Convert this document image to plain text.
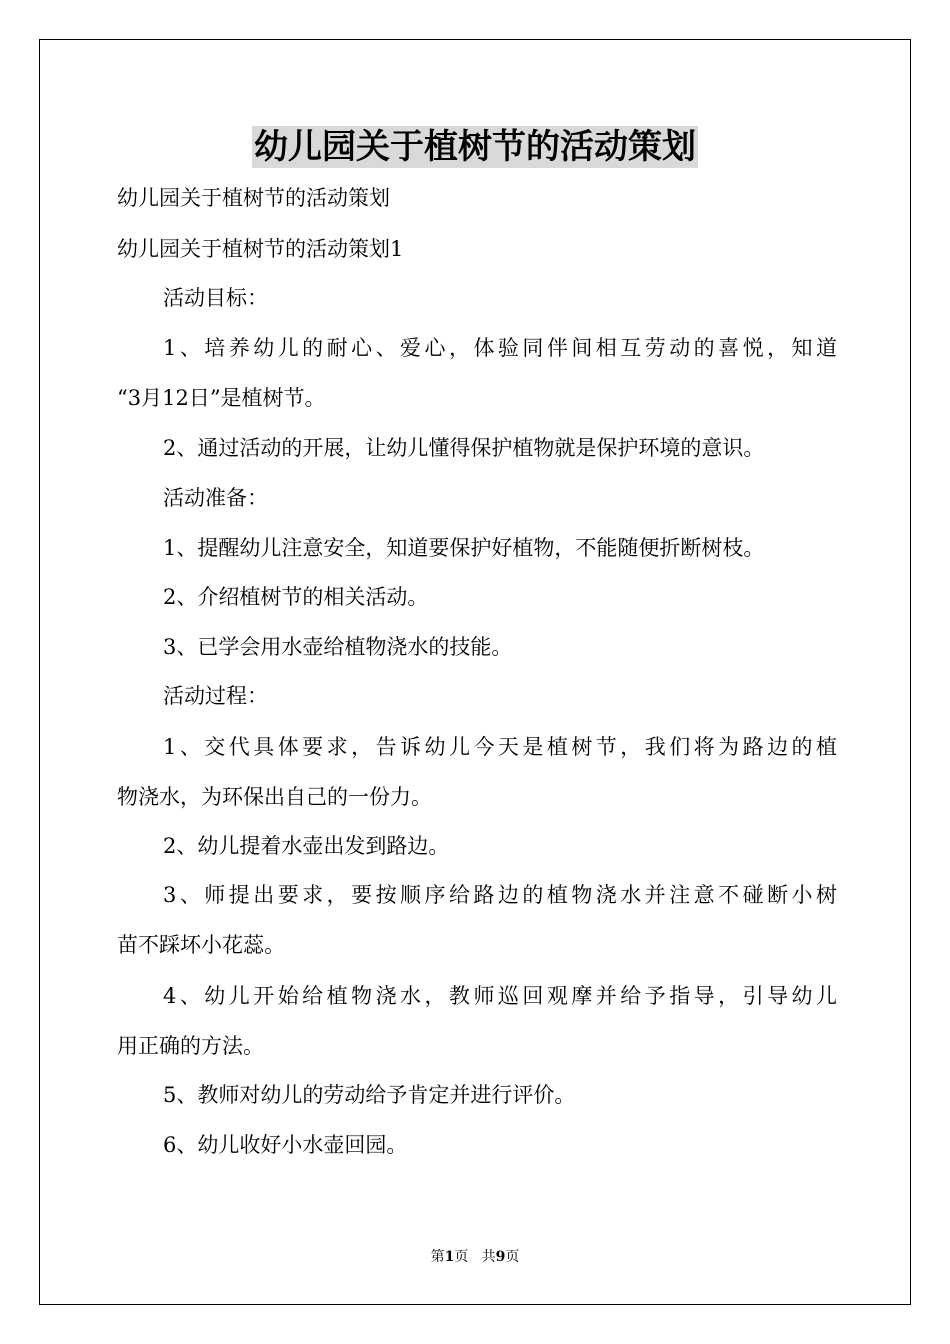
幼儿园关于植树节的活动策划
幼儿园关于植树节的活动策划
幼儿园关于植树节的活动策划1
活动目标：
1、培养幼儿的耐心、爱心，体验同伴间相互劳动的喜悦，知道
“3月12日”是植树节。
2、通过活动的开展，让幼儿懂得保护植物就是保护环境的意识。
活动准备：
1、提醒幼儿注意安全，知道要保护好植物，不能随便折断树枝。
2、介绍植树节的相关活动。
3、已学会用水壶给植物浇水的技能。
活动过程：
1、交代具体要求，告诉幼儿今天是植树节，我们将为路边的植
物浇水，为环保出自己的一份力。
2、幼儿提着水壶出发到路边。
3、师提出要求，要按顺序给路边的植物浇水并注意不碰断小树
苗不踩坏小花蕊。
4、幼儿开始给植物浇水，教师巡回观摩并给予指导，引导幼儿
用正确的方法。
5、教师对幼儿的劳动给予肯定并进行评价。
6、幼儿收好小水壶回园。
第1页 共9页
